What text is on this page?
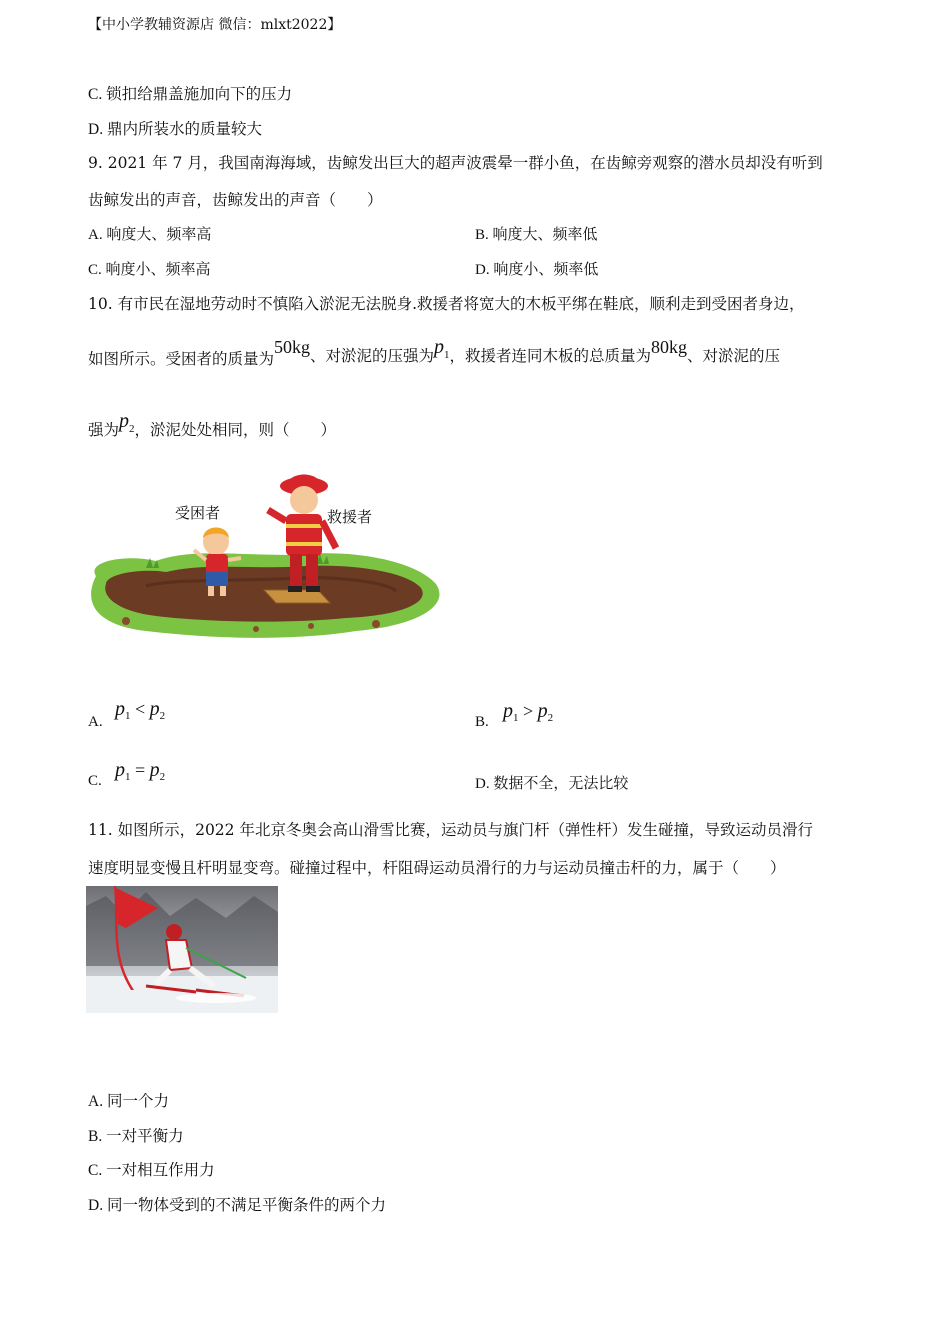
【中小学教辅资源店 微信：mlxt2022】
C. 锁扣给鼎盖施加向下的压力
D. 鼎内所装水的质量较大
9. 2021 年 7 月，我国南海海域，齿鲸发出巨大的超声波震晕一群小鱼，在齿鲸旁观察的潜水员却没有听到
齿鲸发出的声音，齿鲸发出的声音（　　）
A. 响度大、频率高	B. 响度大、频率低
C. 响度小、频率高	D. 响度小、频率低
10. 有市民在湿地劳动时不慎陷入淤泥无法脱身.救援者将宽大的木板平绑在鞋底，顺利走到受困者身边，
如图所示。受困者的质量为50kg、对淤泥的压强为$p_1$，救援者连同木板的总质量为80kg、对淤泥的压
强为$p_2$，淤泥处处相同，则（　　）
受困者	救援者
A.
$p_1 < p_2$	B. $p_1 > p_2$
C. $p_1 = p_2$	D. 数据不全，无法比较
11. 如图所示，2022 年北京冬奥会高山滑雪比赛，运动员与旗门杆（弹性杆）发生碰撞，导致运动员滑行
速度明显变慢且杆明显变弯。碰撞过程中，杆阻碍运动员滑行的力与运动员撞击杆的力，属于（　　）
A. 同一个力
B. 一对平衡力
C. 一对相互作用力
D. 同一物体受到的不满足平衡条件的两个力
